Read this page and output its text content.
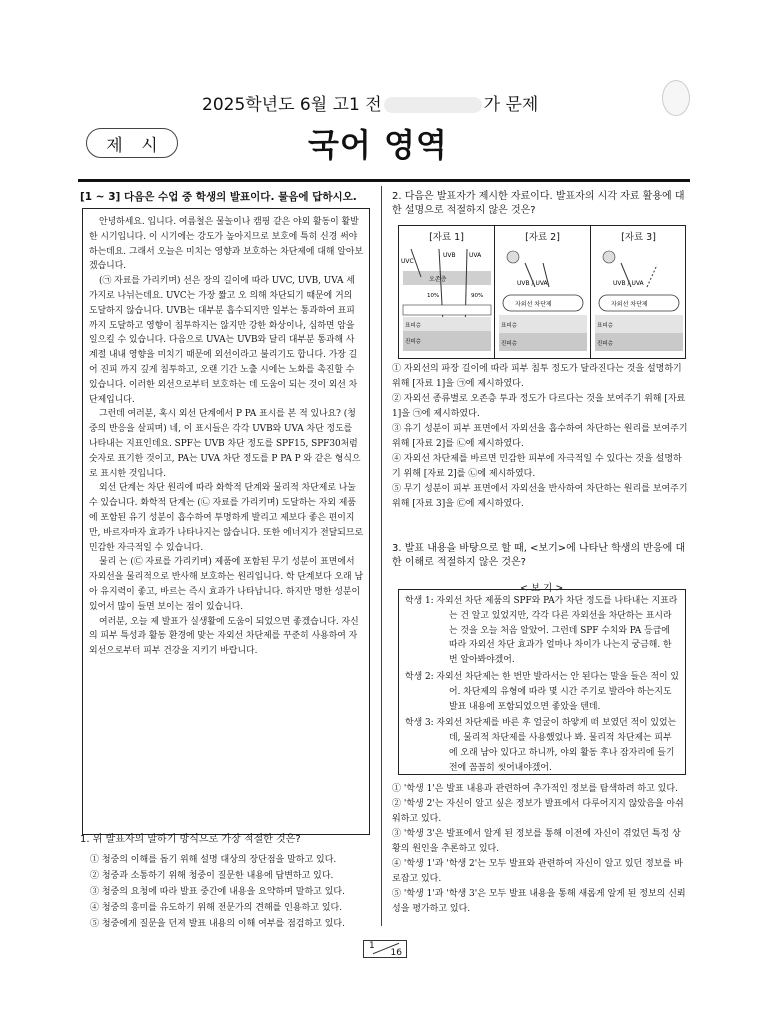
2025학년도 6월 고1 전	가 문제
제 시	국어 영역
[1 ~ 3] 다음은 수업 중 학생의 발표이다. 물음에 답하시오.

안녕하세요. 입니다. 여름철은 물놀이나 캠핑 같은 야외 활동이 활발한 시기입니다. 이 시기에는 강도가 높아지므로 보호에 특히 신경 써야 하는데요. 그래서 오늘은 미치는 영향과 보호하는 차단제에 대해 알아보겠습니다.

(㉠ 자료를 가리키며) 선은 장의 길이에 따라 UVC, UVB, UVA 세 가지로 나뉘는데요. UVC는 가장 짧고 오 의해 차단되기 때문에 거의 도달하지 않습니다. UVB는 대부분 흡수되지만 일부는 통과하여 표피까지 도달하고 영향이 침투하지는 않지만 강한 화상이나, 심하면 암을 일으킬 수 있습니다. 다음으로 UVA는 UVB와 달리 대부분 통과해 사계절 내내 영향을 미치기 때문에 외선이라고 불리기도 합니다. 가장 길어 진피 까지 깊게 침투하고, 오랜 기간 노출 시에는 노화를 촉진할 수 있습니다. 이러한 외선으로부터 보호하는 데 도움이 되는 것이 외선 차단제입니다.

그런데 여러분, 혹시 외선 단계에서 P PA 표시를 본 적 있나요? (청중의 반응을 살피며) 네, 이 표시들은 각각 UVB와 UVA 차단 정도를 나타내는 지표인데요. SPF는 UVB 차단 정도를 SPF15, SPF30처럼 숫자로 표기한 것이고, PA는 UVA 차단 정도를 P PA P 와 같은 형식으로 표시한 것입니다.

외선 단계는 차단 원리에 따라 화학적 단계와 물리적 차단제로 나눌 수 있습니다. 화학적 단계는 (㉡ 자료를 가리키며) 도달하는 자외 제품에 포함된 유기 성분이 흡수하여 투명하게 발리고 제보다 좋은 편이지만, 바르자마자 효과가 나타나지는 않습니다. 또한 에너지가 전달되므로 민감한 자극적일 수 있습니다.

물리 는 (㉢ 자료를 가리키며) 제품에 포함된 무기 성분이 표면에서 자외선을 물리적으로 반사해 보호하는 원리입니다. 학 단계보다 오래 남아 유지력이 좋고, 바르는 즉시 효과가 나타납니다. 하지만 명한 성분이 있어서 많이 들면 보이는 점이 있습니다.

여러분, 오늘 제 발표가 실생활에 도움이 되었으면 좋겠습니다. 자신의 피부 특성과 활동 환경에 맞는 자외선 차단제를 꾸준히 사용하여 자외선으로부터 피부 건강을 지키기 바랍니다.

1. 위 발표자의 말하기 방식으로 가장 적절한 것은?
① 청중의 이해를 돕기 위해 설명 대상의 장단점을 말하고 있다.
② 청중과 소통하기 위해 청중이 질문한 내용에 답변하고 있다.
③ 청중의 요청에 따라 발표 중간에 내용을 요약하며 말하고 있다.
④ 청중의 흥미를 유도하기 위해 전문가의 견해를 인용하고 있다.
⑤ 청중에게 질문을 던져 발표 내용의 이해 여부를 점검하고 있다.
2. 다음은 발표자가 제시한 자료이다. 발표자의 시각 자료 활용에 대한 설명으로 적절하지 않은 것은?
[자료 1]
UVC
UVB UVA
오존층
10%	90%
표피층
진피층
[자료 2]
UVB / UVA
자외선 차단제
표피층
진피층
[자료 3]
UVB / UVA
자외선 차단제
표피층
진피층
① 자외선의 파장 길이에 따라 피부 침투 정도가 달라진다는 것을 설명하기 위해 [자료 1]을 ㉠에 제시하였다.
② 자외선 종류별로 오존층 투과 정도가 다르다는 것을 보여주기 위해 [자료 1]을 ㉠에 제시하였다.
③ 유기 성분이 피부 표면에서 자외선을 흡수하여 차단하는 원리를 보여주기 위해 [자료 2]를 ㉡에 제시하였다.
④ 자외선 차단제를 바르면 민감한 피부에 자극적일 수 있다는 것을 설명하기 위해 [자료 2]를 ㉡에 제시하였다.
⑤ 무기 성분이 피부 표면에서 자외선을 반사하여 차단하는 원리를 보여주기 위해 [자료 3]을 ㉢에 제시하였다.
3. 발표 내용을 바탕으로 할 때, <보기>에 나타난 학생의 반응에 대한 이해로 적절하지 않은 것은?
< 보 기 >

학생 1: 자외선 차단 제품의 SPF와 PA가 차단 정도를 나타내는 지표라는 건 알고 있었지만, 각각 다른 자외선을 차단하는 표시라는 것을 오늘 처음 알았어. 그런데 SPF 수치와 PA 등급에 따라 자외선 차단 효과가 얼마나 차이가 나는지 궁금해. 한번 알아봐야겠어.

학생 2: 자외선 차단제는 한 번만 발라서는 안 된다는 말을 들은 적이 있어. 차단제의 유형에 따라 몇 시간 주기로 발라야 하는지도 발표 내용에 포함되었으면 좋았을 텐데.

학생 3: 자외선 차단제를 바른 후 얼굴이 하얗게 떠 보였던 적이 있었는데, 물리적 차단제를 사용했었나 봐. 물리적 차단제는 피부에 오래 남아 있다고 하니까, 야외 활동 후나 잠자리에 들기 전에 꼼꼼히 씻어내야겠어.

① '학생 1'은 발표 내용과 관련하여 추가적인 정보를 탐색하려 하고 있다.
② '학생 2'는 자신이 알고 싶은 정보가 발표에서 다루어지지 않았음을 아쉬워하고 있다.
③ '학생 3'은 발표에서 알게 된 정보를 통해 이전에 자신이 겪었던 특정 상황의 원인을 추론하고 있다.
④ '학생 1'과 '학생 2'는 모두 발표와 관련하여 자신이 알고 있던 정보를 바로잡고 있다.
⑤ '학생 1'과 '학생 3'은 모두 발표 내용을 통해 새롭게 알게 된 정보의 신뢰성을 평가하고 있다.
1
16
